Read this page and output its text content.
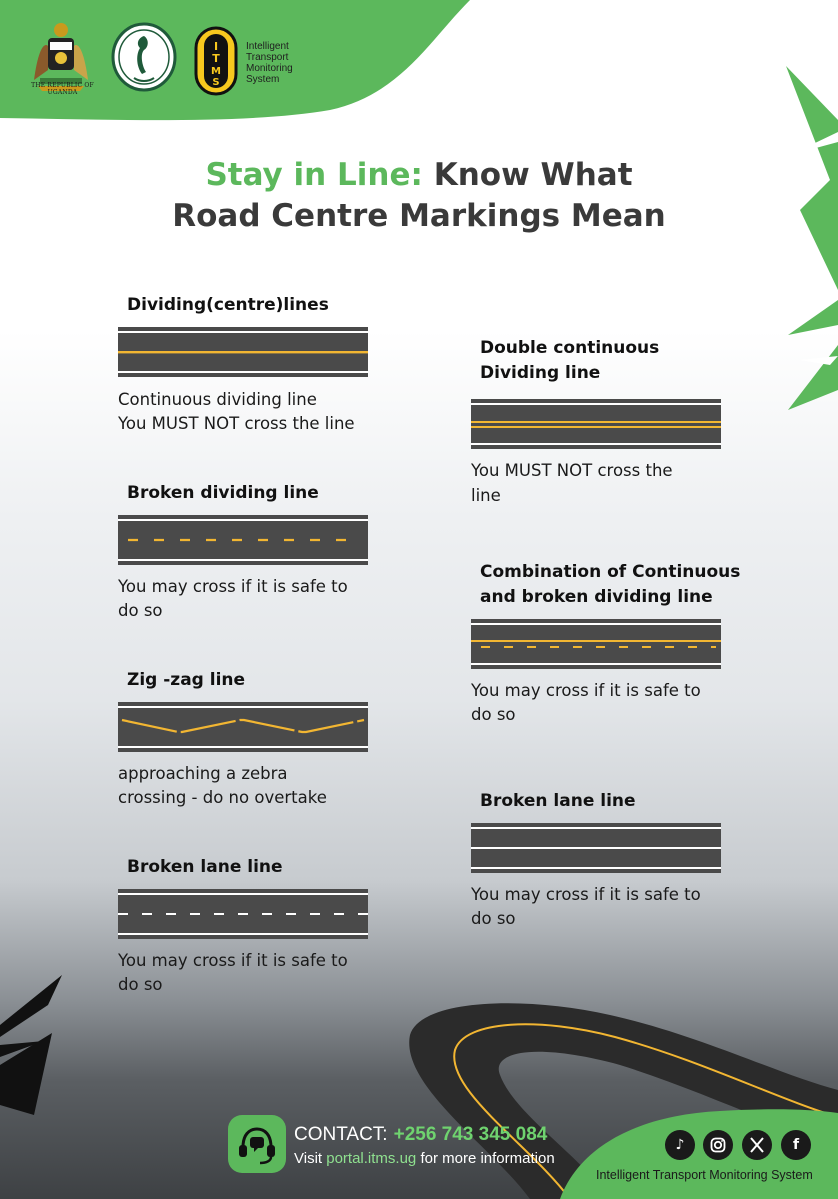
THE REPUBLIC OF UGANDA
I
T
M
S
Intelligent
Transport
Monitoring
System
Stay in Line: Know What
Road Centre Markings Mean
Dividing(centre)lines
Continuous dividing line
You MUST NOT cross the line
Broken dividing line
You may cross if it is safe to
do so
Zig -zag line
approaching a zebra
crossing - do no overtake
Broken lane line
You may cross if it is safe to
do so
Double continuous
Dividing line
You MUST NOT cross the
line
Combination of Continuous
and broken dividing line
You may cross if it is safe to
do so
Broken lane line
You may cross if it is safe to
do so
CONTACT: +256 743 345 084
Visit portal.itms.ug for more information
♪	f
Intelligent Transport Monitoring System
